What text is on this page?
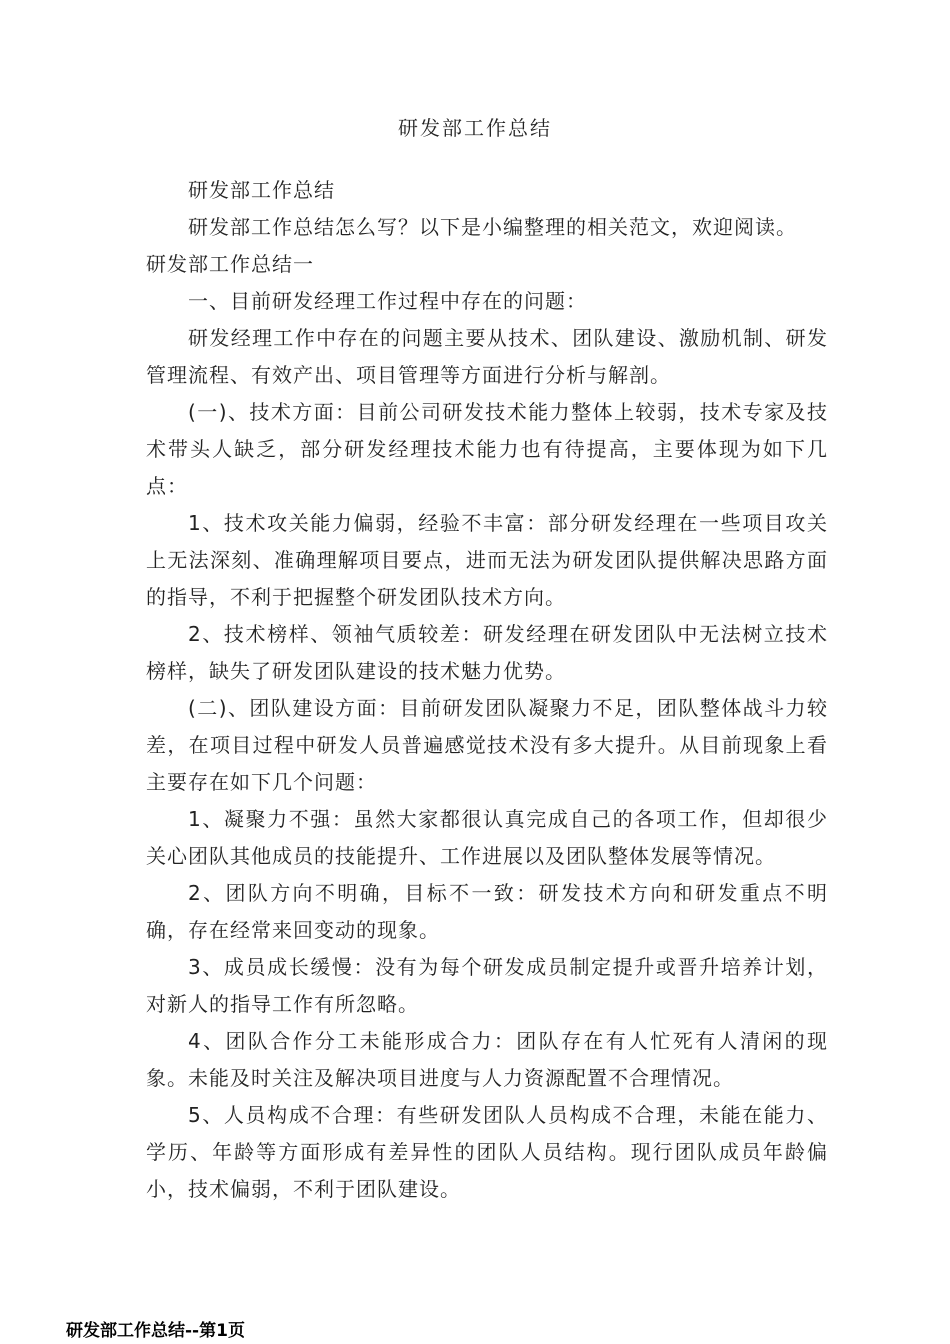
研发部工作总结

研发部工作总结

研发部工作总结怎么写？以下是小编整理的相关范文，欢迎阅读。

研发部工作总结一

一、目前研发经理工作过程中存在的问题：

研发经理工作中存在的问题主要从技术、团队建设、激励机制、研发管理流程、有效产出、项目管理等方面进行分析与解剖。

(一)、技术方面：目前公司研发技术能力整体上较弱，技术专家及技术带头人缺乏，部分研发经理技术能力也有待提高，主要体现为如下几点：

1、技术攻关能力偏弱，经验不丰富：部分研发经理在一些项目攻关上无法深刻、准确理解项目要点，进而无法为研发团队提供解决思路方面的指导，不利于把握整个研发团队技术方向。

2、技术榜样、领袖气质较差：研发经理在研发团队中无法树立技术榜样，缺失了研发团队建设的技术魅力优势。

(二)、团队建设方面：目前研发团队凝聚力不足，团队整体战斗力较差，在项目过程中研发人员普遍感觉技术没有多大提升。从目前现象上看主要存在如下几个问题：

1、凝聚力不强：虽然大家都很认真完成自己的各项工作，但却很少关心团队其他成员的技能提升、工作进展以及团队整体发展等情况。

2、团队方向不明确，目标不一致：研发技术方向和研发重点不明确，存在经常来回变动的现象。

3、成员成长缓慢：没有为每个研发成员制定提升或晋升培养计划，对新人的指导工作有所忽略。

4、团队合作分工未能形成合力：团队存在有人忙死有人清闲的现象。未能及时关注及解决项目进度与人力资源配置不合理情况。

5、人员构成不合理：有些研发团队人员构成不合理，未能在能力、学历、年龄等方面形成有差异性的团队人员结构。现行团队成员年龄偏小，技术偏弱，不利于团队建设。

研发部工作总结--第1页
